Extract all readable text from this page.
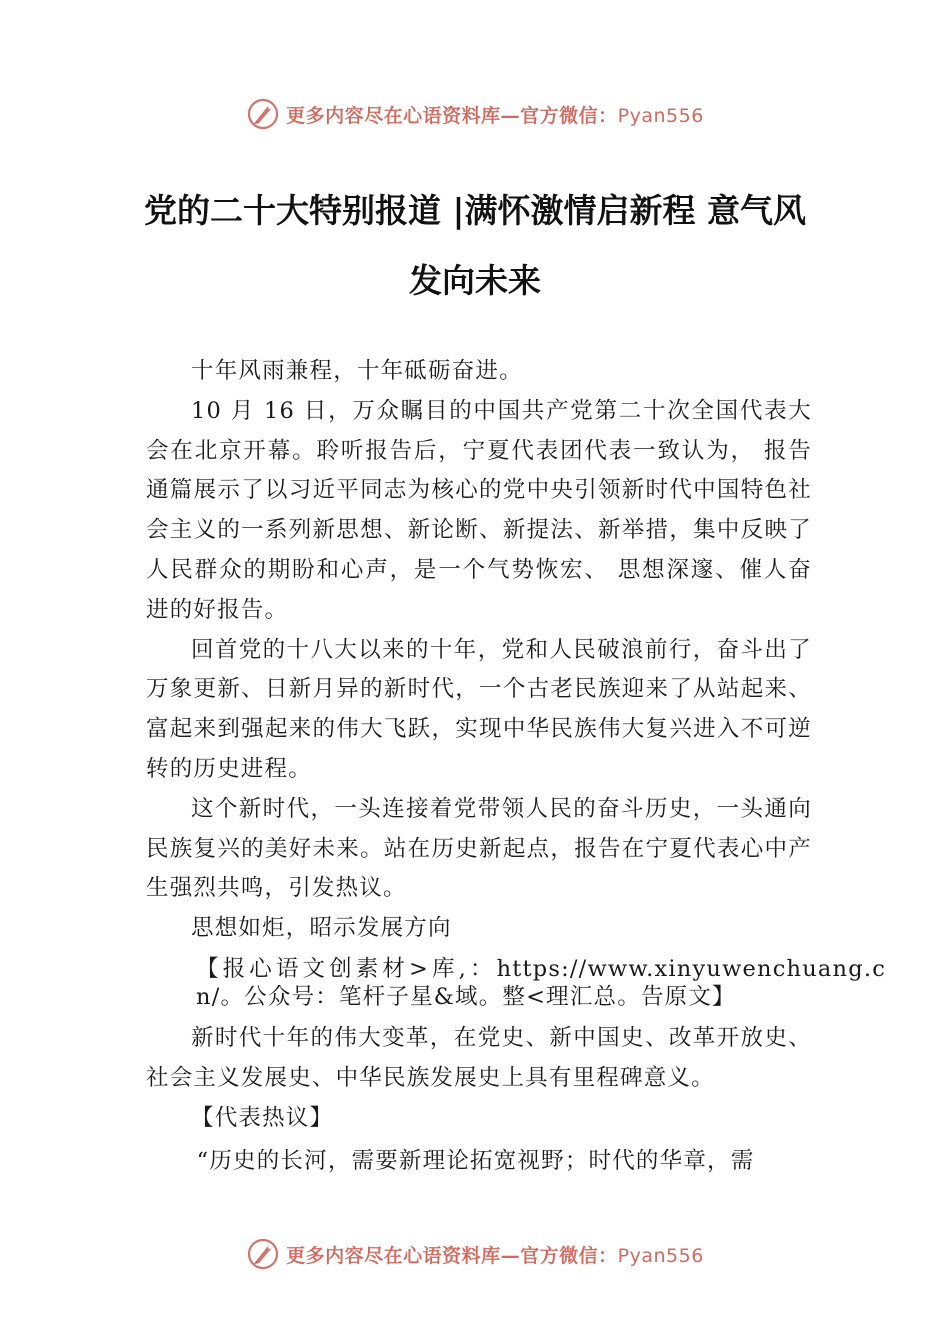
更多内容尽在心语资料库—官方微信：Pyan556
党的二十大特别报道 |满怀激情启新程 意气风发向未来

十年风雨兼程，十年砥砺奋进。

10 月 16 日，万众瞩目的中国共产党第二十次全国代表大会在北京开幕。聆听报告后，宁夏代表团代表一致认为， 报告通篇展示了以习近平同志为核心的党中央引领新时代中国特色社会主义的一系列新思想、新论断、新提法、新举措，集中反映了人民群众的期盼和心声，是一个气势恢宏、 思想深邃、催人奋进的好报告。

回首党的十八大以来的十年，党和人民破浪前行，奋斗出了万象更新、日新月异的新时代，一个古老民族迎来了从站起来、富起来到强起来的伟大飞跃，实现中华民族伟大复兴进入不可逆转的历史进程。

这个新时代，一头连接着党带领人民的奋斗历史，一头通向民族复兴的美好未来。站在历史新起点，报告在宁夏代表心中产生强烈共鸣，引发热议。

思想如炬，昭示发展方向

【报心语文创素材>库,：https://www.xinyuwenchuang.cn/。公众号：笔杆子星&域。整<理汇总。告原文】

新时代十年的伟大变革，在党史、新中国史、改革开放史、社会主义发展史、中华民族发展史上具有里程碑意义。

【代表热议】

“历史的长河，需要新理论拓宽视野；时代的华章，需

更多内容尽在心语资料库—官方微信：Pyan556
